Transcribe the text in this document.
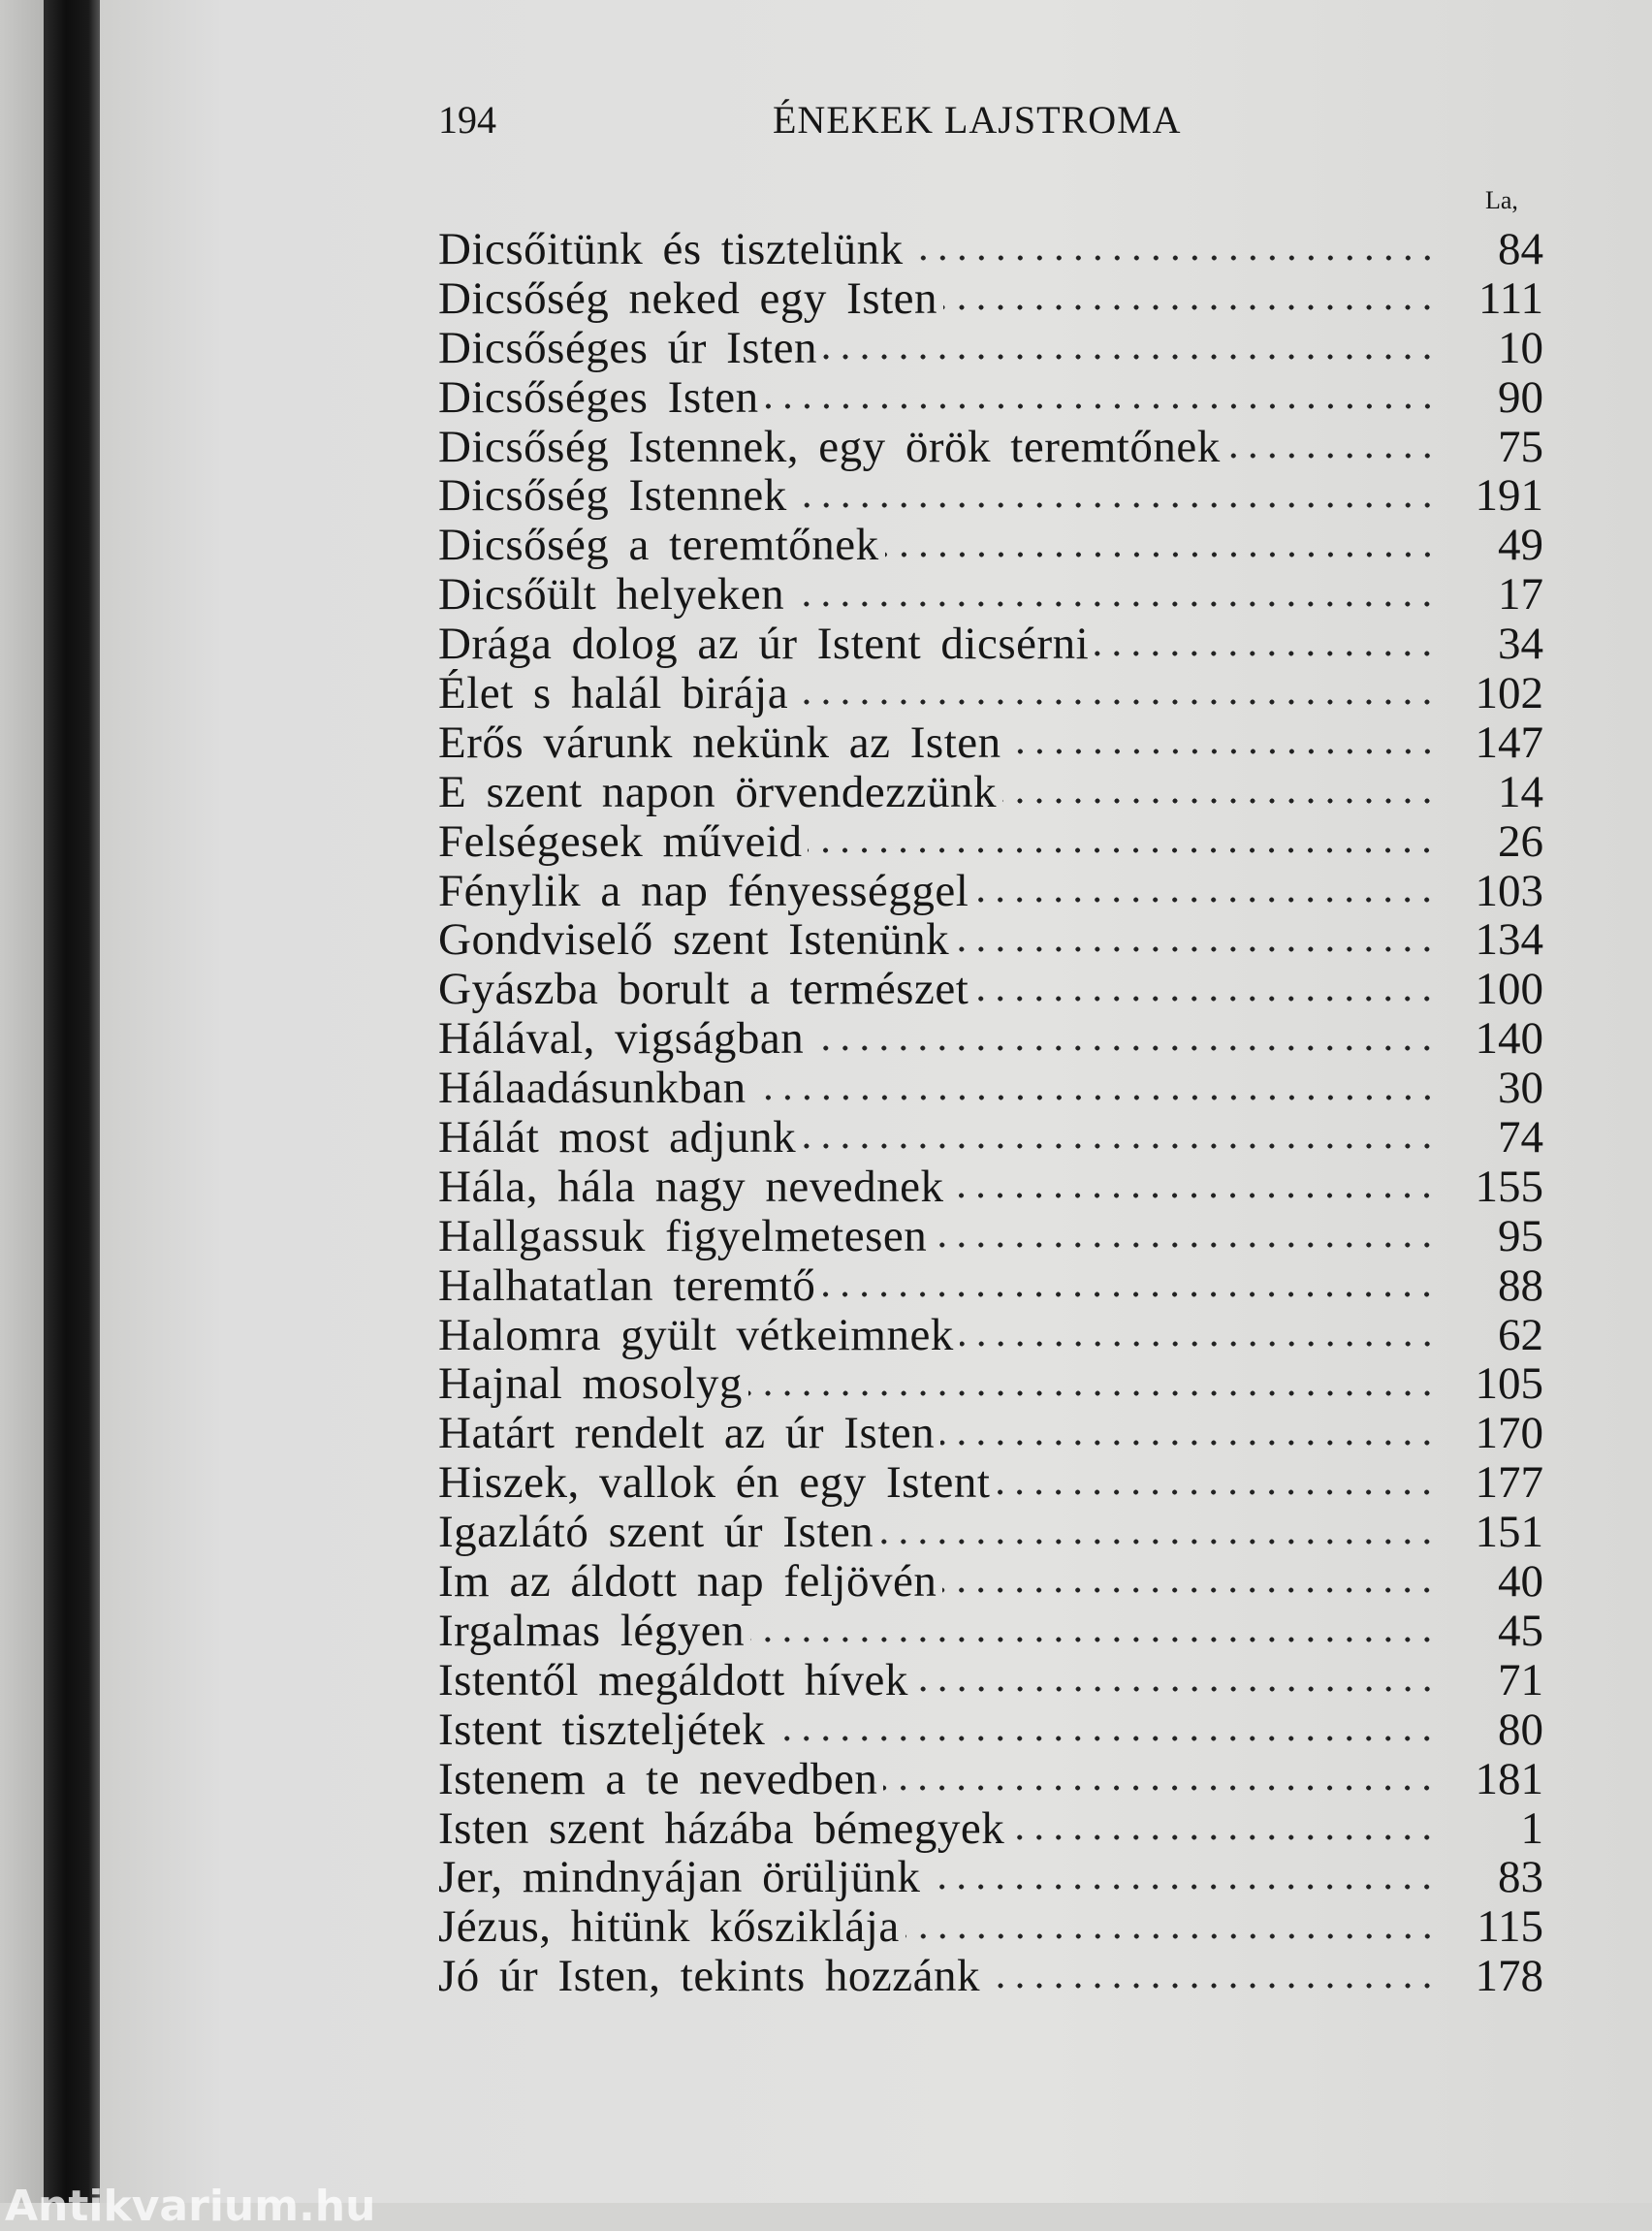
194	ÉNEKEK LAJSTROMA
La,
Dicsőitünk és tisztelünk	84
Dicsőség neked egy Isten	111
Dicsőséges úr Isten	10
Dicsőséges Isten	90
Dicsőség Istennek, egy örök teremtőnek	75
Dicsőség Istennek	191
Dicsőség a teremtőnek	49
Dicsőült helyeken	17
Drága dolog az úr Istent dicsérni	34
Élet s halál birája	102
Erős várunk nekünk az Isten	147
E szent napon örvendezzünk	14
Felségesek műveid	26
Fénylik a nap fényességgel	103
Gondviselő szent Istenünk	134
Gyászba borult a természet	100
Hálával, vigságban	140
Hálaadásunkban	30
Hálát most adjunk	74
Hála, hála nagy nevednek	155
Hallgassuk figyelmetesen	95
Halhatatlan teremtő	88
Halomra gyült vétkeimnek	62
Hajnal mosolyg	105
Határt rendelt az úr Isten	170
Hiszek, vallok én egy Istent	177
Igazlátó szent úr Isten	151
Im az áldott nap feljövén	40
Irgalmas légyen	45
Istentől megáldott hívek	71
Istent tiszteljétek	80
Istenem a te nevedben	181
Isten szent házába bémegyek	1
Jer, mindnyájan örüljünk	83
Jézus, hitünk kősziklája	115
Jó úr Isten, tekints hozzánk	178
Antikvarium.hu
